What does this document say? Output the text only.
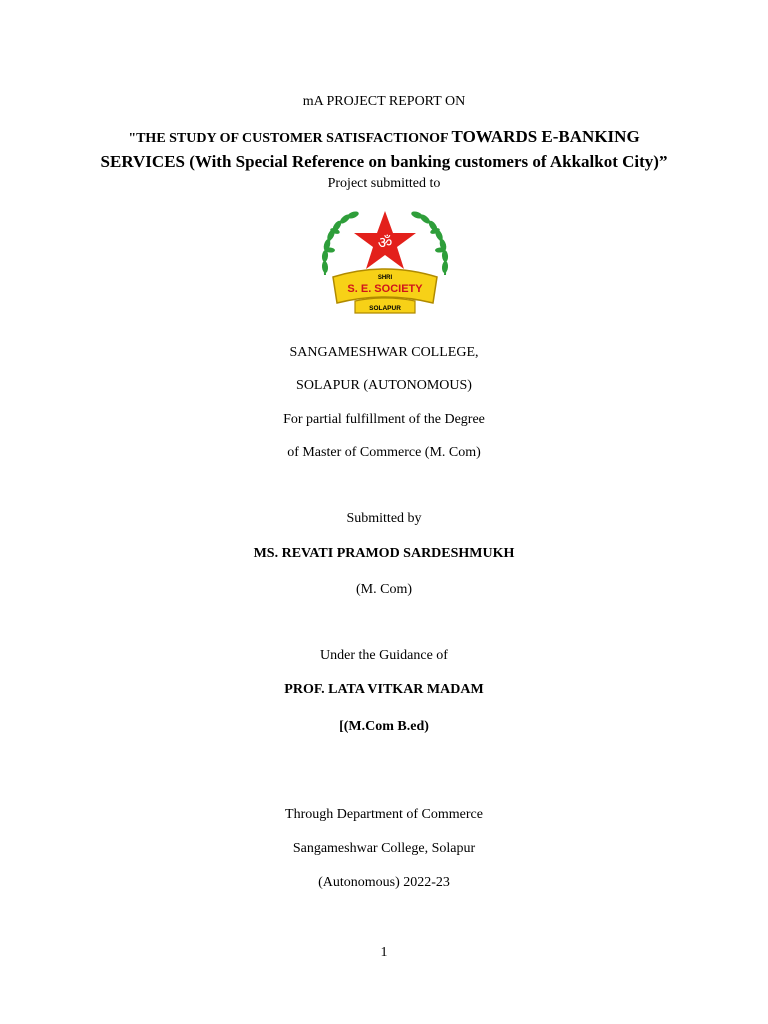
mA PROJECT REPORT ON
"THE STUDY OF CUSTOMER SATISFACTIONOF TOWARDS E-BANKING
SERVICES (With Special Reference on banking customers of Akkalkot City)”
Project submitted to
ॐ
SHRI
S. E. SOCIETY
SOLAPUR
SANGAMESHWAR COLLEGE,
SOLAPUR (AUTONOMOUS)
For partial fulfillment of the Degree
of Master of Commerce (M. Com)
Submitted by
MS. REVATI PRAMOD SARDESHMUKH
(M. Com)
Under the Guidance of
PROF. LATA VITKAR MADAM
[(M.Com B.ed)
Through Department of Commerce
Sangameshwar College, Solapur
(Autonomous) 2022-23
1
